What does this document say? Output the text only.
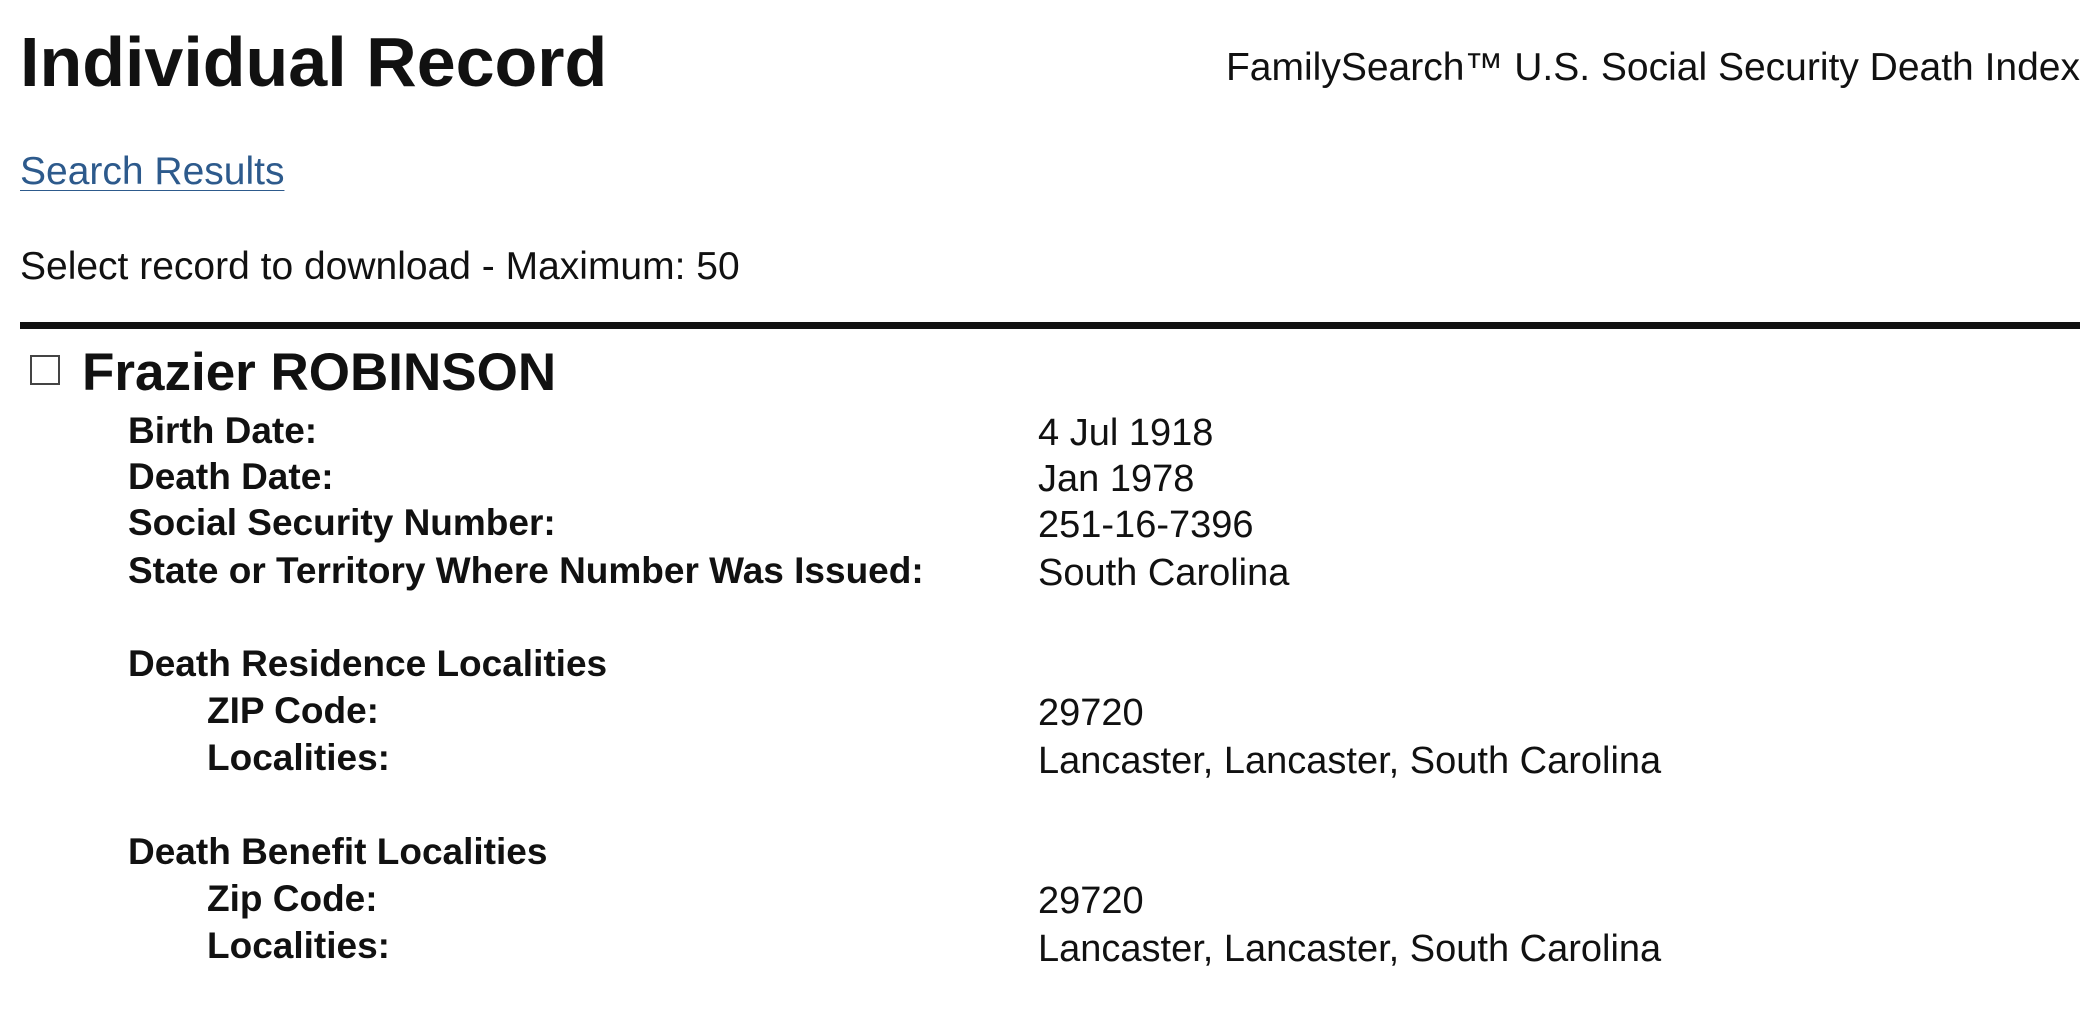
Individual Record	FamilySearch™ U.S. Social Security Death Index
Search Results
Select record to download - Maximum: 50
Frazier ROBINSON
Birth Date:	4 Jul 1918
Death Date:	Jan 1978
Social Security Number:	251-16-7396
State or Territory Where Number Was Issued:	South Carolina
Death Residence Localities
ZIP Code:	29720
Localities:	Lancaster, Lancaster, South Carolina
Death Benefit Localities
Zip Code:	29720
Localities:	Lancaster, Lancaster, South Carolina
